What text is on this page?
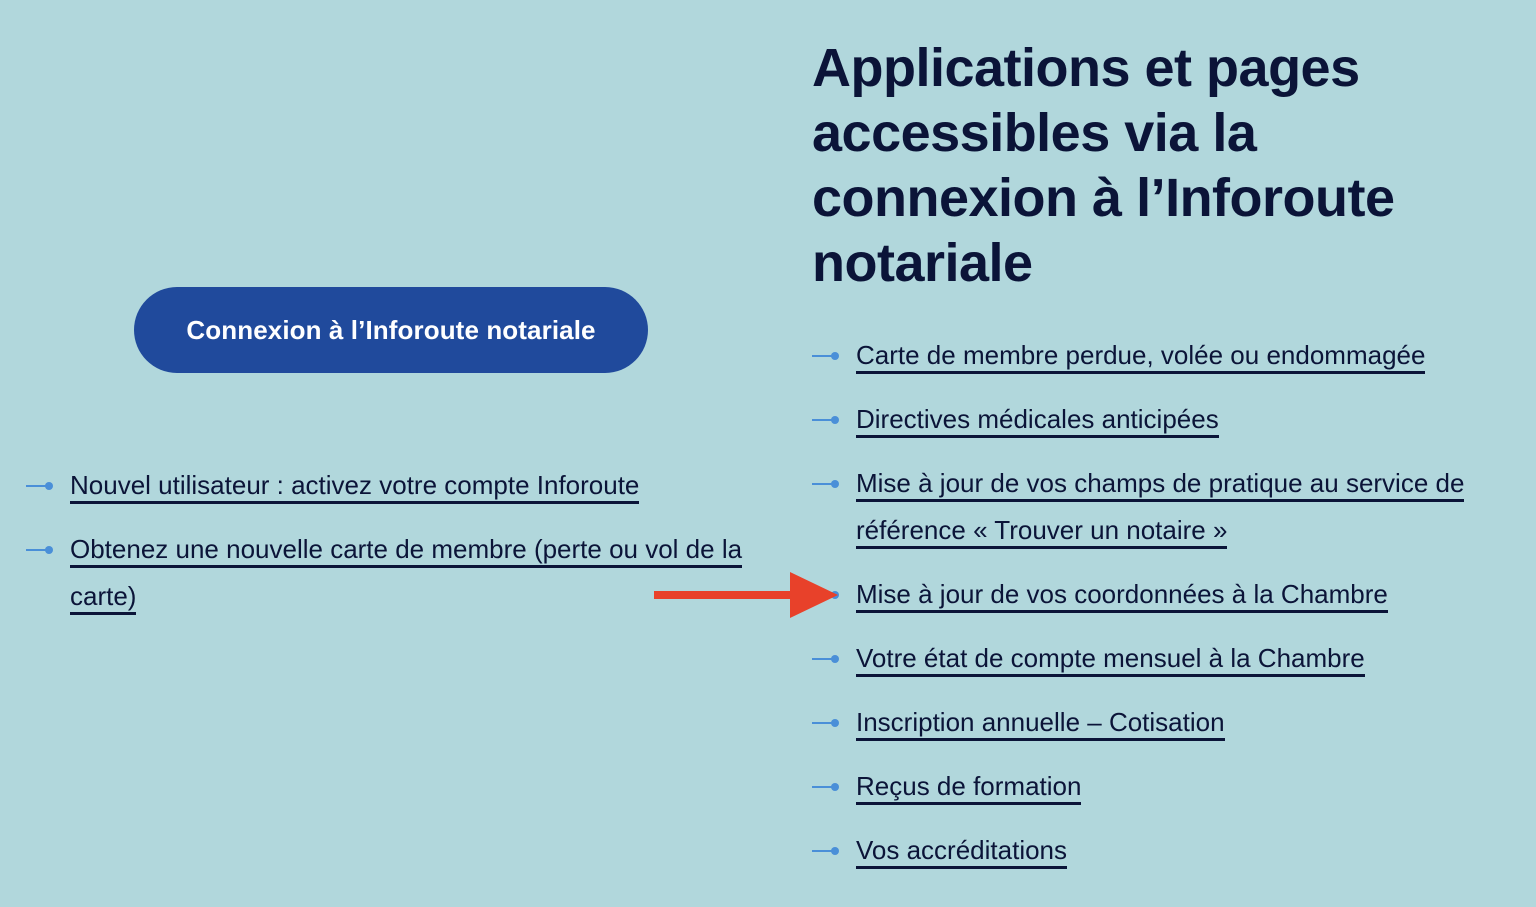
Connexion à l’Inforoute notariale
Nouvel utilisateur : activez votre compte Inforoute
Obtenez une nouvelle carte de membre (perte ou vol de la carte)
Applications et pages accessibles via la connexion à l’Inforoute notariale
Carte de membre perdue, volée ou endommagée
Directives médicales anticipées
Mise à jour de vos champs de pratique au service de référence « Trouver un notaire »
Mise à jour de vos coordonnées à la Chambre
Votre état de compte mensuel à la Chambre
Inscription annuelle – Cotisation
Reçus de formation
Vos accréditations
